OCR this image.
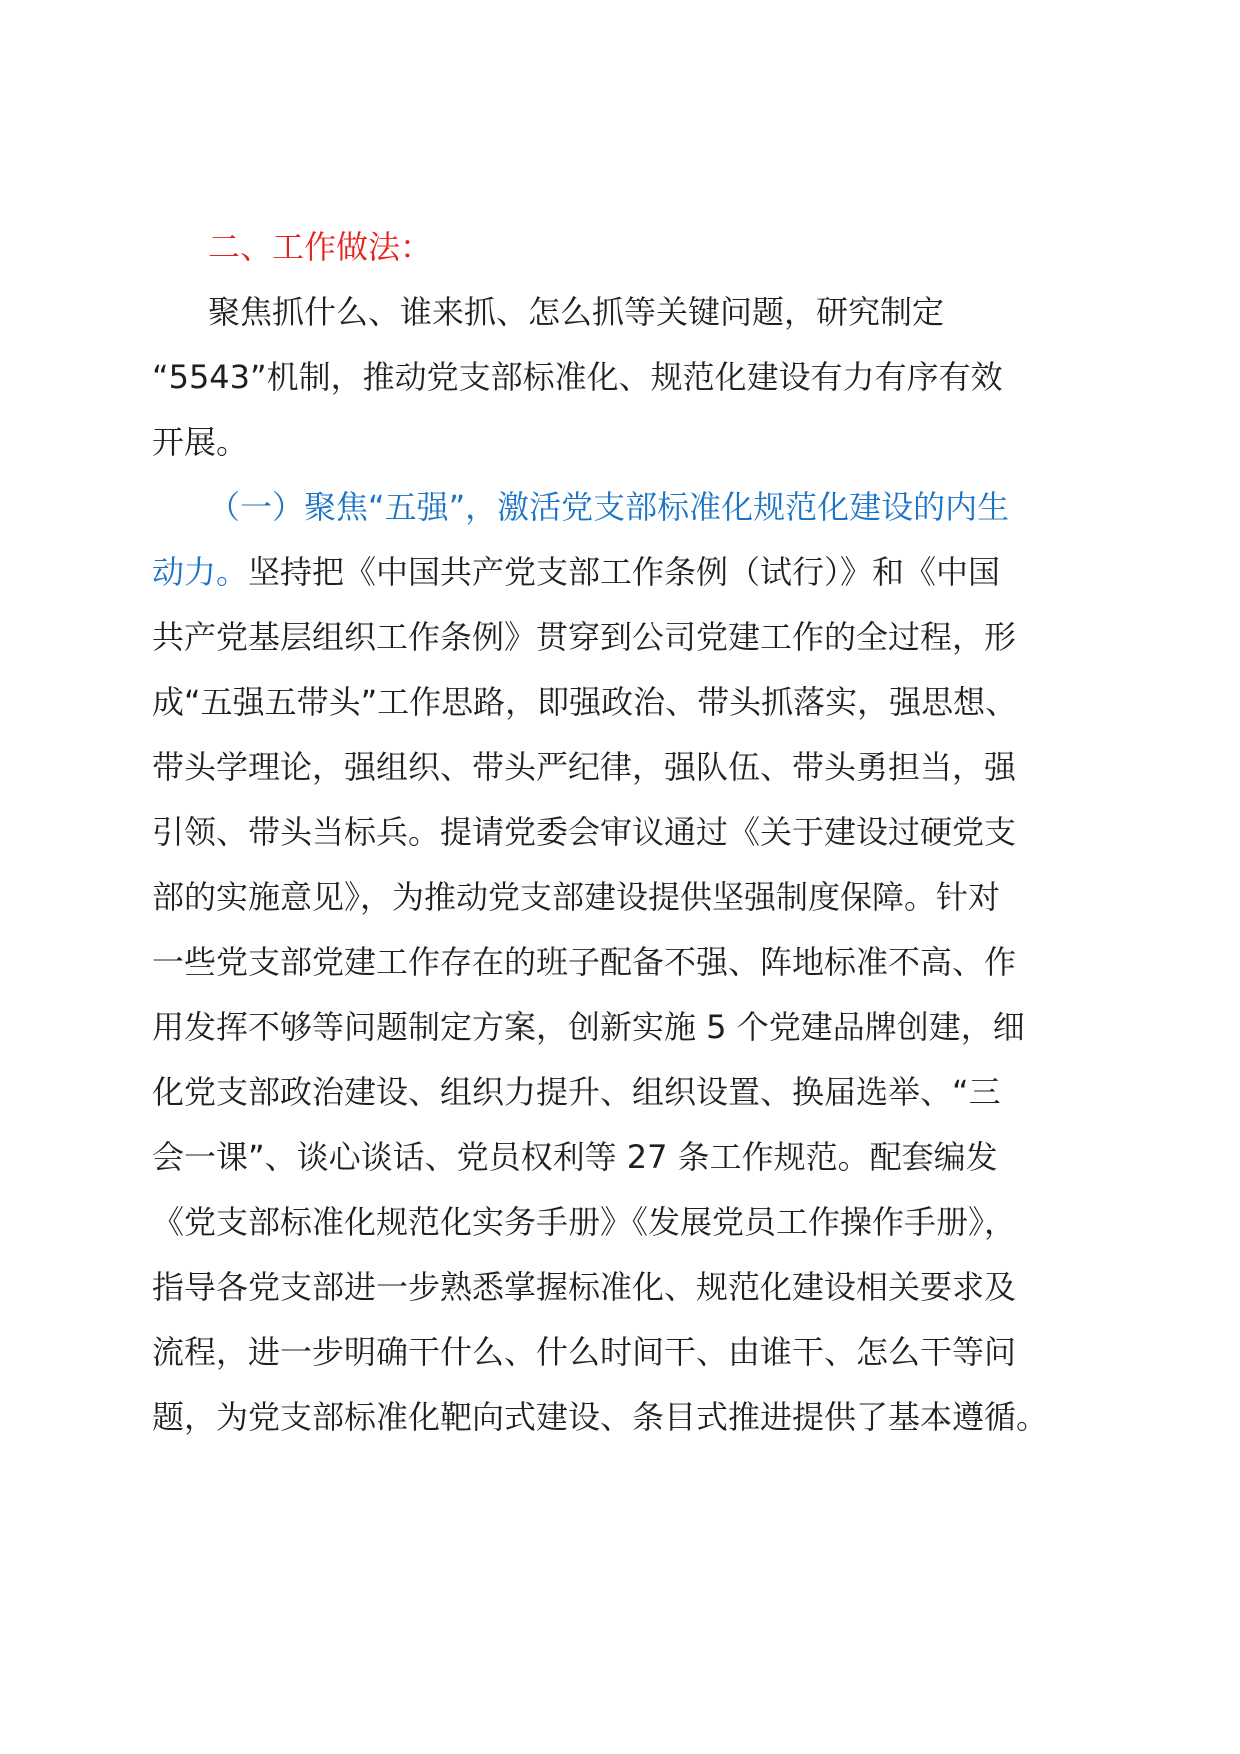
二、工作做法：
聚焦抓什么、谁来抓、怎么抓等关键问题，研究制定
“5543”机制，推动党支部标准化、规范化建设有力有序有效
开展。
（一）聚焦“五强”，激活党支部标准化规范化建设的内生
动力。坚持把《中国共产党支部工作条例（试行）》和《中国
共产党基层组织工作条例》贯穿到公司党建工作的全过程，形
成“五强五带头”工作思路，即强政治、带头抓落实，强思想、
带头学理论，强组织、带头严纪律，强队伍、带头勇担当，强
引领、带头当标兵。提请党委会审议通过《关于建设过硬党支
部的实施意见》，为推动党支部建设提供坚强制度保障。针对
一些党支部党建工作存在的班子配备不强、阵地标准不高、作
用发挥不够等问题制定方案，创新实施 5 个党建品牌创建，细
化党支部政治建设、组织力提升、组织设置、换届选举、“三
会一课”、谈心谈话、党员权利等 27 条工作规范。配套编发
《党支部标准化规范化实务手册》《发展党员工作操作手册》，
指导各党支部进一步熟悉掌握标准化、规范化建设相关要求及
流程，进一步明确干什么、什么时间干、由谁干、怎么干等问
题，为党支部标准化靶向式建设、条目式推进提供了基本遵循。
